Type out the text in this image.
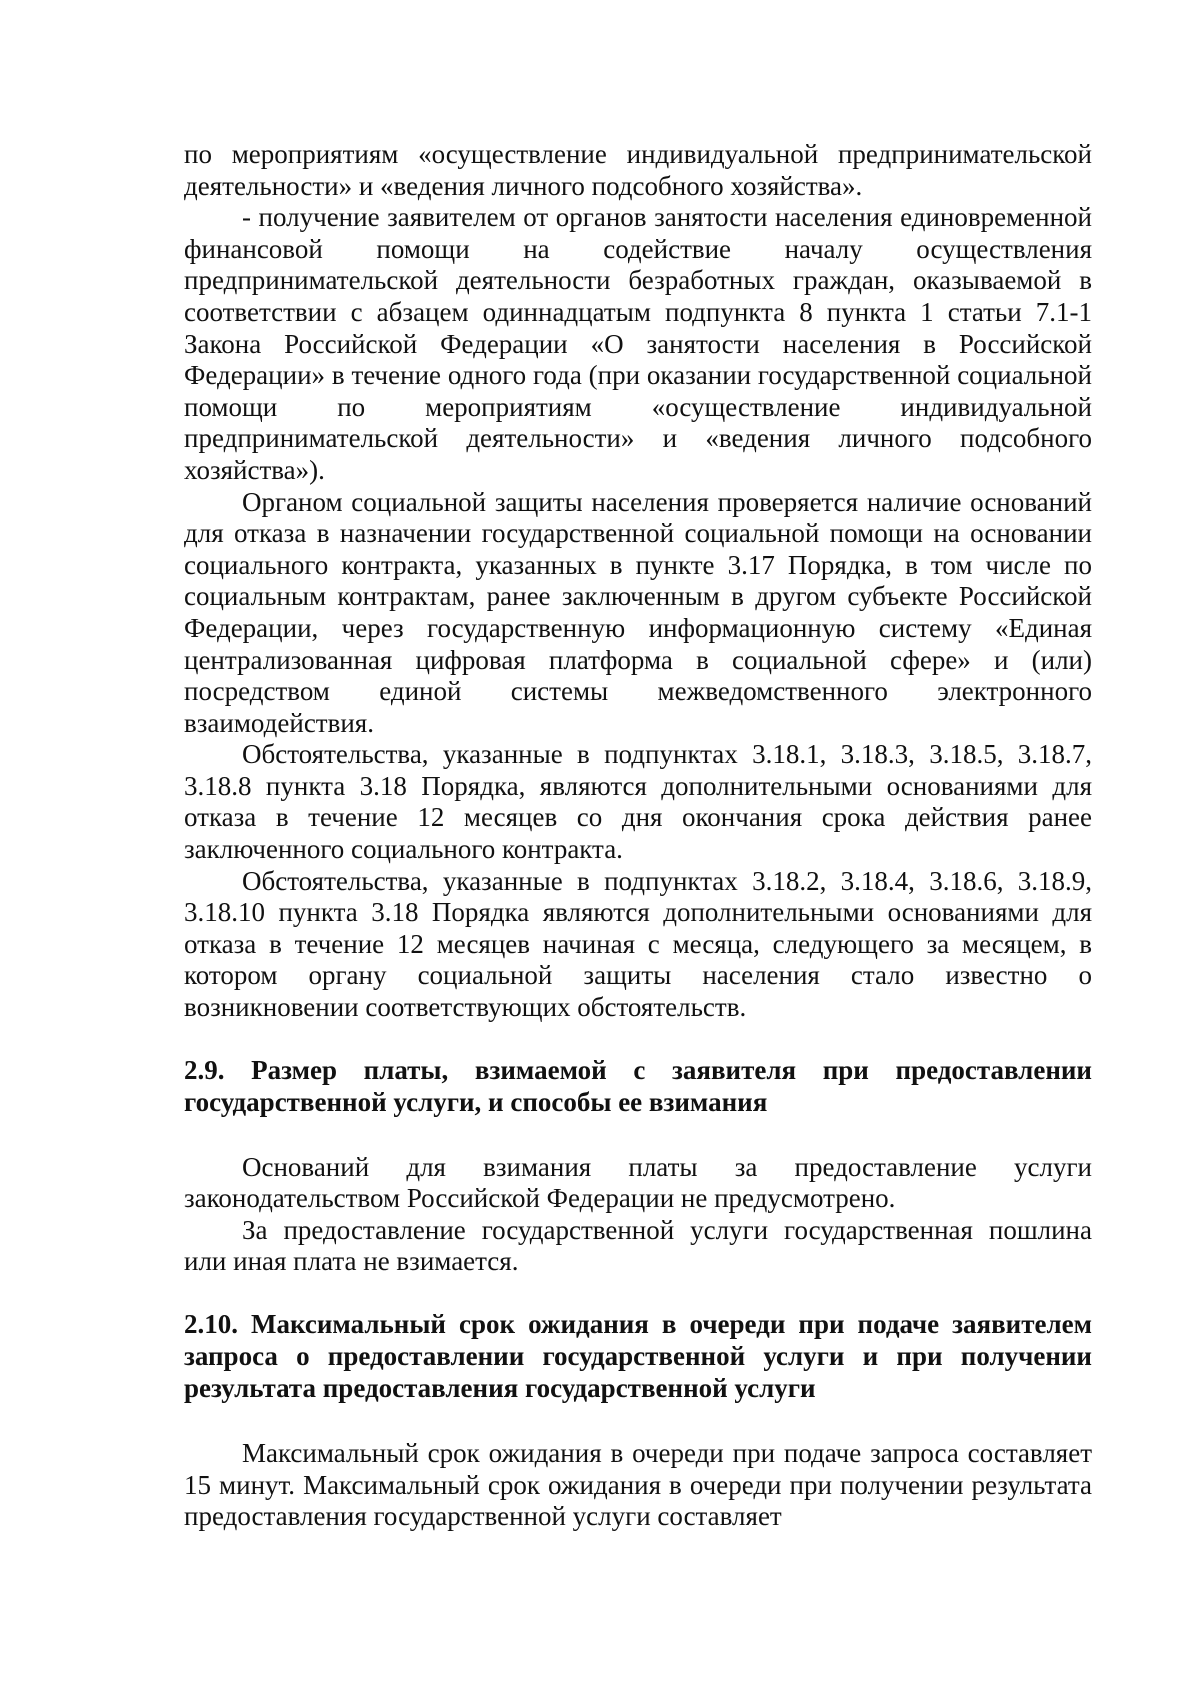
по мероприятиям «осуществление индивидуальной предпринимательской деятельности» и «ведения личного подсобного хозяйства».

- получение заявителем от органов занятости населения единовременной финансовой помощи на содействие началу осуществления предпринимательской деятельности безработных граждан, оказываемой в соответствии с абзацем одиннадцатым подпункта 8 пункта 1 статьи 7.1-1 Закона Российской Федерации «О занятости населения в Российской Федерации» в течение одного года (при оказании государственной социальной помощи по мероприятиям «осуществление индивидуальной предпринимательской деятельности» и «ведения личного подсобного хозяйства»).

Органом социальной защиты населения проверяется наличие оснований для отказа в назначении государственной социальной помощи на основании социального контракта, указанных в пункте 3.17 Порядка, в том числе по социальным контрактам, ранее заключенным в другом субъекте Российской Федерации, через государственную информационную систему «Единая централизованная цифровая платформа в социальной сфере» и (или) посредством единой системы межведомственного электронного взаимодействия.

Обстоятельства, указанные в подпунктах 3.18.1, 3.18.3, 3.18.5, 3.18.7, 3.18.8 пункта 3.18 Порядка, являются дополнительными основаниями для отказа в течение 12 месяцев со дня окончания срока действия ранее заключенного социального контракта.

Обстоятельства, указанные в подпунктах 3.18.2, 3.18.4, 3.18.6, 3.18.9, 3.18.10 пункта 3.18 Порядка являются дополнительными основаниями для отказа в течение 12 месяцев начиная с месяца, следующего за месяцем, в котором органу социальной защиты населения стало известно о возникновении соответствующих обстоятельств.

2.9. Размер платы, взимаемой с заявителя при предоставлении государственной услуги, и способы ее взимания

Оснований для взимания платы за предоставление услуги законодательством Российской Федерации не предусмотрено.

За предоставление государственной услуги государственная пошлина или иная плата не взимается.

2.10. Максимальный срок ожидания в очереди при подаче заявителем запроса о предоставлении государственной услуги и при получении результата предоставления государственной услуги

Максимальный срок ожидания в очереди при подаче запроса составляет 15 минут. Максимальный срок ожидания в очереди при получении результата предоставления государственной услуги составляет
